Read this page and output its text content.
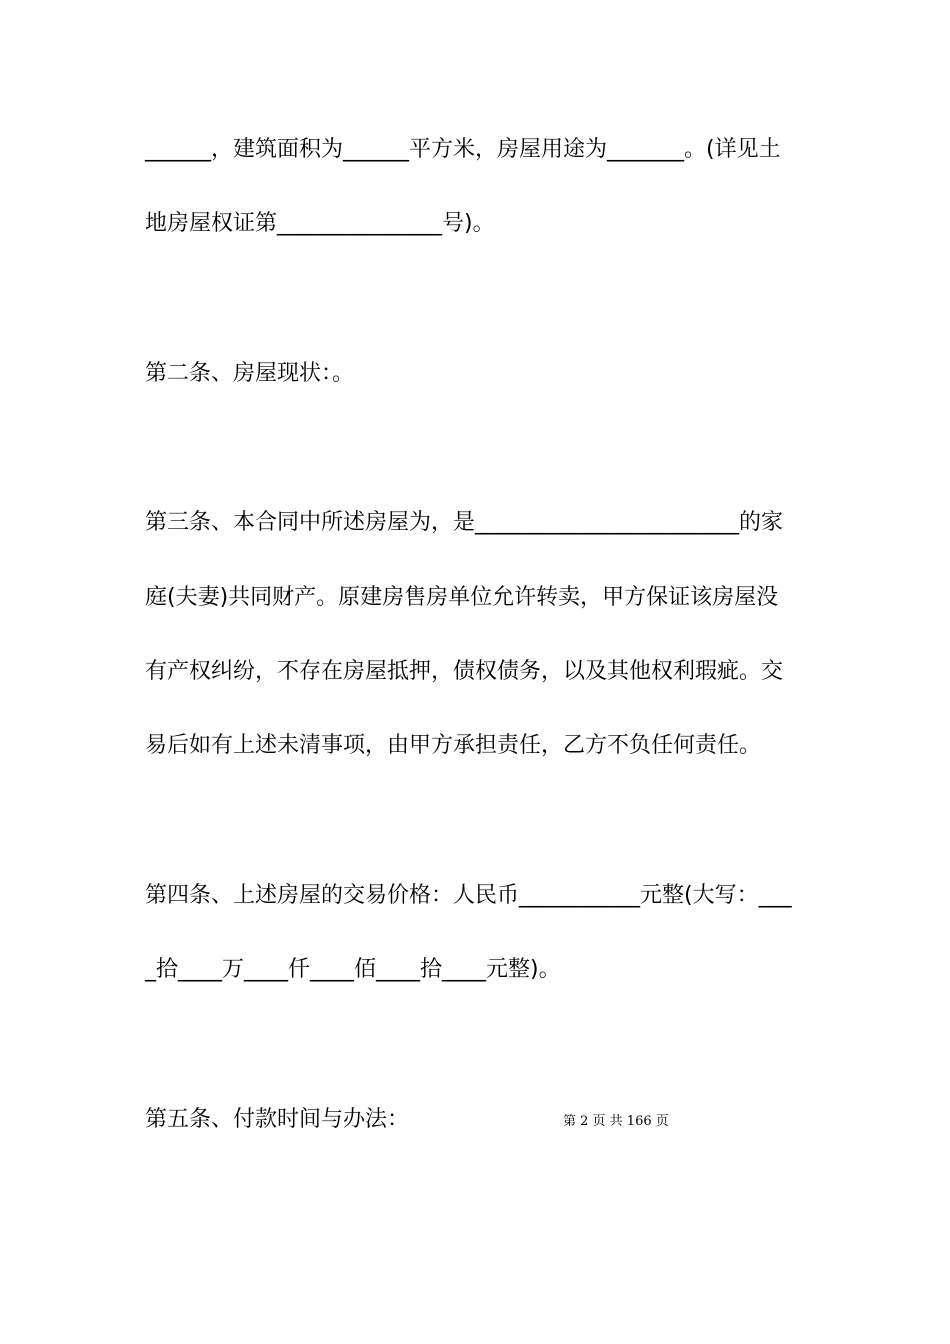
______，建筑面积为______平方米，房屋用途为_______。(详见土
地房屋权证第_______________号)。
第二条、房屋现状：。
第三条、本合同中所述房屋为，是________________________的家
庭(夫妻)共同财产。原建房售房单位允许转卖，甲方保证该房屋没
有产权纠纷，不存在房屋抵押，债权债务，以及其他权利瑕疵。交
易后如有上述未清事项，由甲方承担责任，乙方不负任何责任。
第四条、上述房屋的交易价格：人民币___________元整(大写：___
_拾____万____仟____佰____拾____元整)。
第五条、付款时间与办法：	第 2 页 共 166 页
